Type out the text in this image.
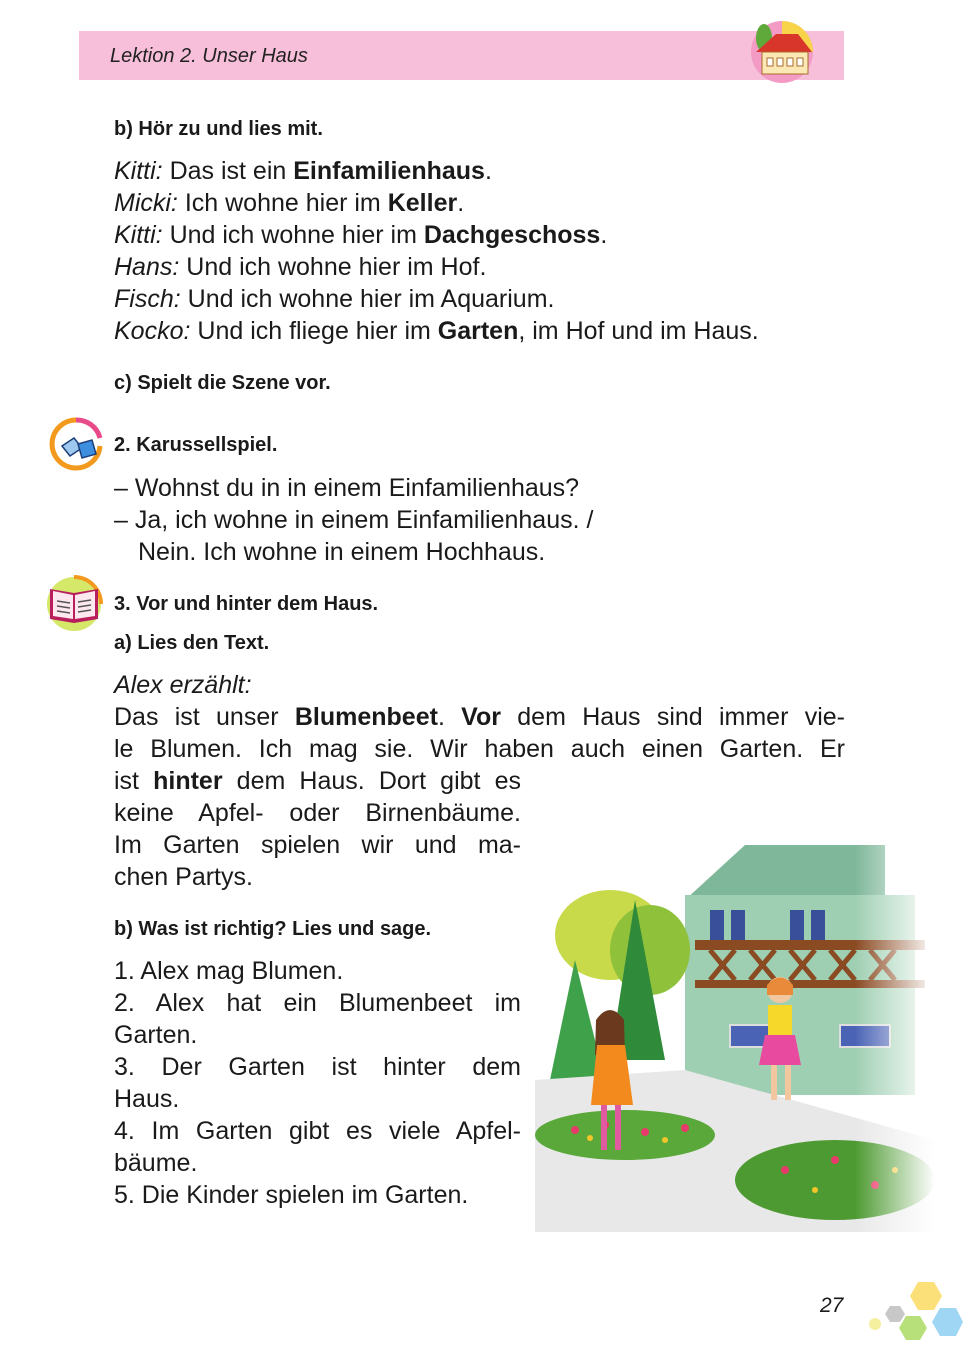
Lektion 2. Unser Haus
b) Hör zu und lies mit.
Kitti: Das ist ein Einfamilienhaus.
Micki: Ich wohne hier im Keller.
Kitti: Und ich wohne hier im Dachgeschoss.
Hans: Und ich wohne hier im Hof.
Fisch: Und ich wohne hier im Aquarium.
Kocko: Und ich fliege hier im Garten, im Hof und im Haus.
c) Spielt die Szene vor.
2. Karussellspiel.
– Wohnst du in in einem Einfamilienhaus?
– Ja, ich wohne in einem Einfamilienhaus. /
Nein. Ich wohne in einem Hochhaus.
3. Vor und hinter dem Haus.
a) Lies den Text.
Alex erzählt:
Das ist unser Blumenbeet. Vor dem Haus sind immer vie-
le Blumen. Ich mag sie. Wir haben auch einen Garten. Er
ist hinter dem Haus. Dort gibt es
keine Apfel- oder Birnenbäume.
Im Garten spielen wir und ma-
chen Partys.
b) Was ist richtig? Lies und sage.
1. Alex mag Blumen.
2. Alex hat ein Blumenbeet im
Garten.
3. Der Garten ist hinter dem
Haus.
4. Im Garten gibt es viele Apfel-
bäume.
5. Die Kinder spielen im Garten.
27
